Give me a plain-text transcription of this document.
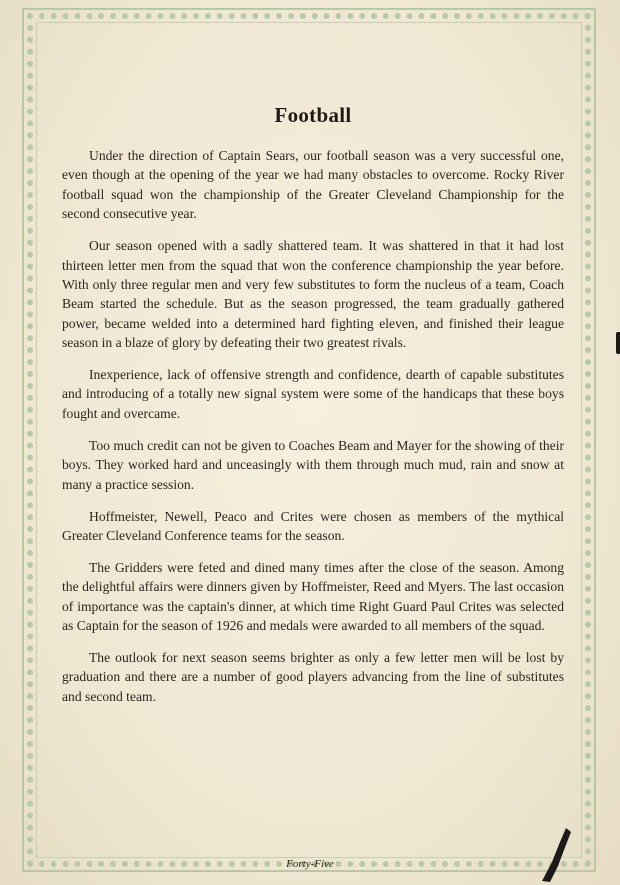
Football

Under the direction of Captain Sears, our football season was a very successful one, even though at the opening of the year we had many obstacles to overcome. Rocky River football squad won the championship of the Greater Cleveland Championship for the second consecutive year.

Our season opened with a sadly shattered team. It was shattered in that it had lost thirteen letter men from the squad that won the conference championship the year before. With only three regular men and very few substitutes to form the nucleus of a team, Coach Beam started the schedule. But as the season progressed, the team gradually gathered power, became welded into a determined hard fighting eleven, and finished their league season in a blaze of glory by defeating their two greatest rivals.

Inexperience, lack of offensive strength and confidence, dearth of capable substitutes and introducing of a totally new signal system were some of the handicaps that these boys fought and overcame.

Too much credit can not be given to Coaches Beam and Mayer for the showing of their boys. They worked hard and unceasingly with them through much mud, rain and snow at many a practice session.

Hoffmeister, Newell, Peaco and Crites were chosen as members of the mythical Greater Cleveland Conference teams for the season.

The Gridders were feted and dined many times after the close of the season. Among the delightful affairs were dinners given by Hoffmeister, Reed and Myers. The last occasion of importance was the captain's dinner, at which time Right Guard Paul Crites was selected as Captain for the season of 1926 and medals were awarded to all members of the squad.

The outlook for next season seems brighter as only a few letter men will be lost by graduation and there are a number of good players advancing from the line of substitutes and second team.

Forty-Five
